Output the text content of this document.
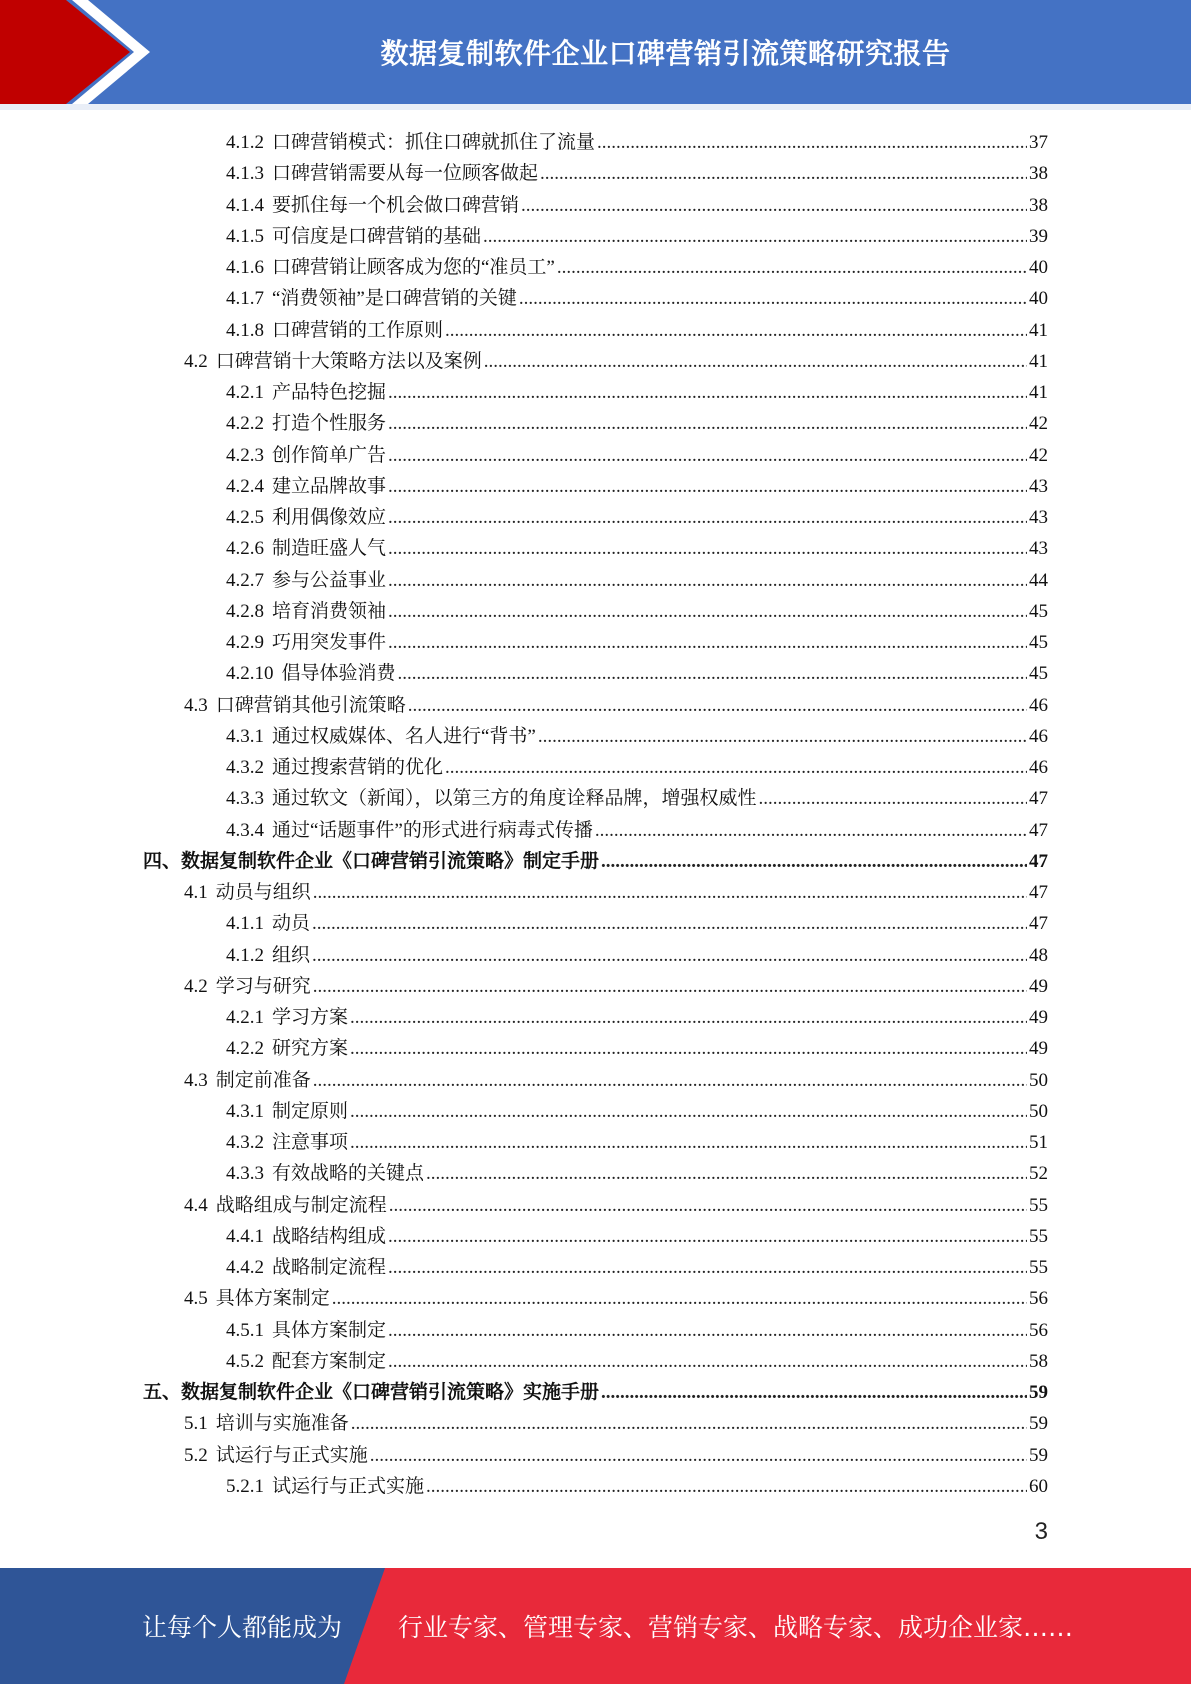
数据复制软件企业口碑营销引流策略研究报告
4.1.2 口碑营销模式：抓住口碑就抓住了流量 .....	37
4.1.3 口碑营销需要从每一位顾客做起 .....	38
4.1.4 要抓住每一个机会做口碑营销 .....	38
4.1.5 可信度是口碑营销的基础 .....	39
4.1.6 口碑营销让顾客成为您的“准员工” .....	40
4.1.7 “消费领袖”是口碑营销的关键 .....	40
4.1.8 口碑营销的工作原则 .....	41
4.2 口碑营销十大策略方法以及案例 .....	41
4.2.1 产品特色挖掘 .....	41
4.2.2 打造个性服务 .....	42
4.2.3 创作简单广告 .....	42
4.2.4 建立品牌故事 .....	43
4.2.5 利用偶像效应 .....	43
4.2.6 制造旺盛人气 .....	43
4.2.7 参与公益事业 .....	44
4.2.8 培育消费领袖 .....	45
4.2.9 巧用突发事件 .....	45
4.2.10 倡导体验消费 .....	45
4.3 口碑营销其他引流策略 .....	46
4.3.1 通过权威媒体、名人进行“背书” .....	46
4.3.2 通过搜索营销的优化 .....	46
4.3.3 通过软文（新闻），以第三方的角度诠释品牌，增强权威性 .....	47
4.3.4 通过“话题事件”的形式进行病毒式传播 .....	47
四、 数据复制软件企业《口碑营销引流策略》制定手册 .....	47
4.1 动员与组织 .....	47
4.1.1 动员 .....	47
4.1.2 组织 .....	48
4.2 学习与研究 .....	49
4.2.1 学习方案 .....	49
4.2.2 研究方案 .....	49
4.3 制定前准备 .....	50
4.3.1 制定原则 .....	50
4.3.2 注意事项 .....	51
4.3.3 有效战略的关键点 .....	52
4.4 战略组成与制定流程 .....	55
4.4.1 战略结构组成 .....	55
4.4.2 战略制定流程 .....	55
4.5 具体方案制定 .....	56
4.5.1 具体方案制定 .....	56
4.5.2 配套方案制定 .....	58
五、 数据复制软件企业《口碑营销引流策略》实施手册 .....	59
5.1 培训与实施准备 .....	59
5.2 试运行与正式实施 .....	59
5.2.1 试运行与正式实施 .....	60
3
让每个人都能成为 行业专家、管理专家、营销专家、战略专家、成功企业家……
